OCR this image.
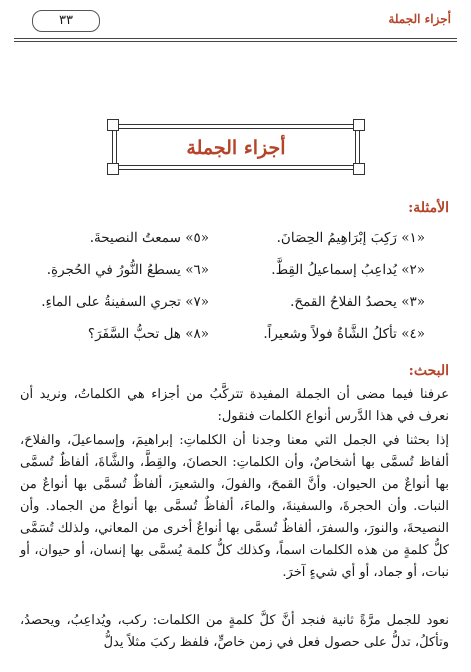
أجزاء الجملة
٣٣
أجزاء الجملة
الأمثلة:
«١» رَكِبَ إبْرَاهِيمُ الحِصَانَ.
«٥» سمعتُ النصيحةَ.
«٢» يُداعِبُ إسماعيلُ القِطَّ.
«٦» يسطعُ النُّورُ في الحُجرةِ.
«٣» يحصدُ الفلاحُ القمحَ.
«٧» تجري السفينةُ على الماءِ.
«٤» تأكلُ الشَّاةُ فولاً وشعيراً.
«٨» هل تحبُّ السَّفَرَ؟
البحث:
عرفنا فيما مضى أن الجملة المفيدة تتركَّبُ من أجزاء هي الكلماتُ، ونريد أن نعرف في هذا الدَّرس أنواع الكلمات فنقول:
إذا بحثنا في الجمل التي معنا وجدنا أن الكلماتِ: إبراهيمَ، وإسماعيلَ، والفلاحَ، ألفاظ تُسمَّى بها أشخاصٌ، وأن الكلماتِ: الحصانَ، والقِطَّ، والشَّاةَ، ألفاظٌ تُسمَّى بها أنواعٌ من الحيوان. وأنَّ القمحَ، والفولَ، والشعيرَ، ألفاظٌ تُسمَّى بها أنواعٌ من النبات. وأن الحجرةَ، والسفينةَ، والماءَ، ألفاظٌ تُسمَّى بها أنواعٌ من الجماد. وأن النصيحةَ، والنورَ، والسفرَ، ألفاظٌ تُسمَّى بها أنواعٌ أخرى من المعاني، ولذلك تُسَمَّى كلُّ كلمةٍ من هذه الكلمات اسماً، وكذلك كلُّ كلمة يُسمَّى بها إنسان، أو حيوان، أو نبات، أو جماد، أو أي شيءٍ آخرَ.
نعود للجمل مرَّةً ثانية فنجد أنَّ كلَّ كلمةٍ من الكلمات: ركب، ويُداعِبُ، ويحصدُ، وتأكلُ، تدلُّ على حصول فعل في زمن خاصٍّ، فلفظ ركبَ مثلاً يدلُّ
